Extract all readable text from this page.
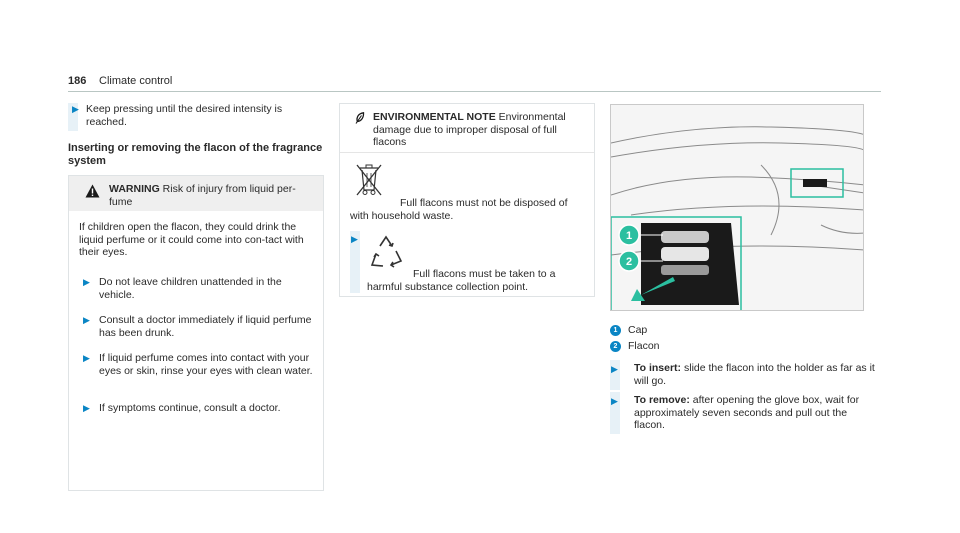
186 Climate control
▶ Keep pressing until the desired intensity is reached.
Inserting or removing the flacon of the fragrance system
WARNING Risk of injury from liquid per-fume
If children open the flacon, they could drink the liquid perfume or it could come into con-tact with their eyes.
▶ Do not leave children unattended in the vehicle.
▶ Consult a doctor immediately if liquid perfume has been drunk.
▶ If liquid perfume comes into contact with your eyes or skin, rinse your eyes with clean water.
▶ If symptoms continue, consult a doctor.
ENVIRONMENTAL NOTE Environmental damage due to improper disposal of full flacons
Full flacons must not be disposed of with household waste.
▶
Full flacons must be taken to a harmful substance collection point.
1
2
1	Cap
2	Flacon
▶ To insert: slide the flacon into the holder as far as it will go.
▶ To remove: after opening the glove box, wait for approximately seven seconds and pull out the flacon.
